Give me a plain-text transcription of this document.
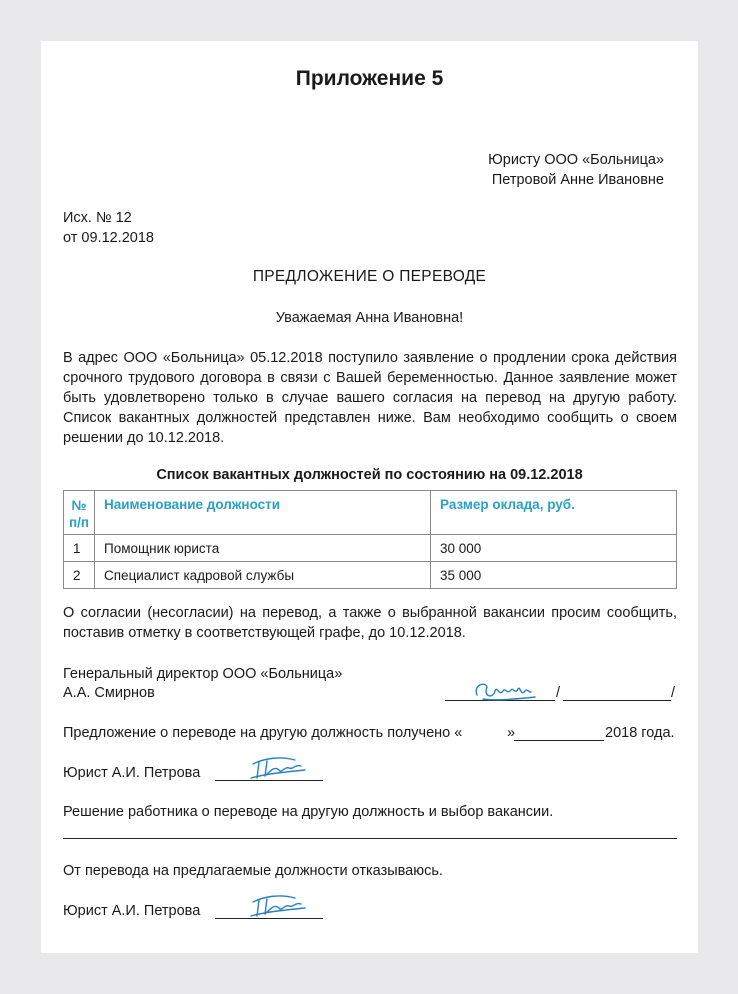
Приложение 5
Юристу ООО «Больница»
Петровой Анне Ивановне
Исх. № 12
от 09.12.2018
ПРЕДЛОЖЕНИЕ О ПЕРЕВОДЕ
Уважаемая Анна Ивановна!
В адрес ООО «Больница» 05.12.2018 поступило заявление о продлении срока действия срочного трудового договора в связи с Вашей беременностью. Данное заявление может быть удовлетворено только в случае вашего согласия на перевод на другую работу. Список вакантных должностей представлен ниже. Вам необходимо сообщить о своем решении до 10.12.2018.
Список вакантных должностей по состоянию на 09.12.2018
№ п/п	Наименование должности	Размер оклада, руб.
1	Помощник юриста	30 000
2	Специалист кадровой службы	35 000
О согласии (несогласии) на перевод, а также о выбранной вакансии просим сообщить, поставив отметку в соответствующей графе, до 10.12.2018.
Генеральный директор ООО «Больница»
А.А. Смирнов	/	/
Предложение о переводе на другую должность получено «	»	2018 года.
Юрист А.И. Петрова
Решение работника о переводе на другую должность и выбор вакансии.
От перевода на предлагаемые должности отказываюсь.
Юрист А.И. Петрова
